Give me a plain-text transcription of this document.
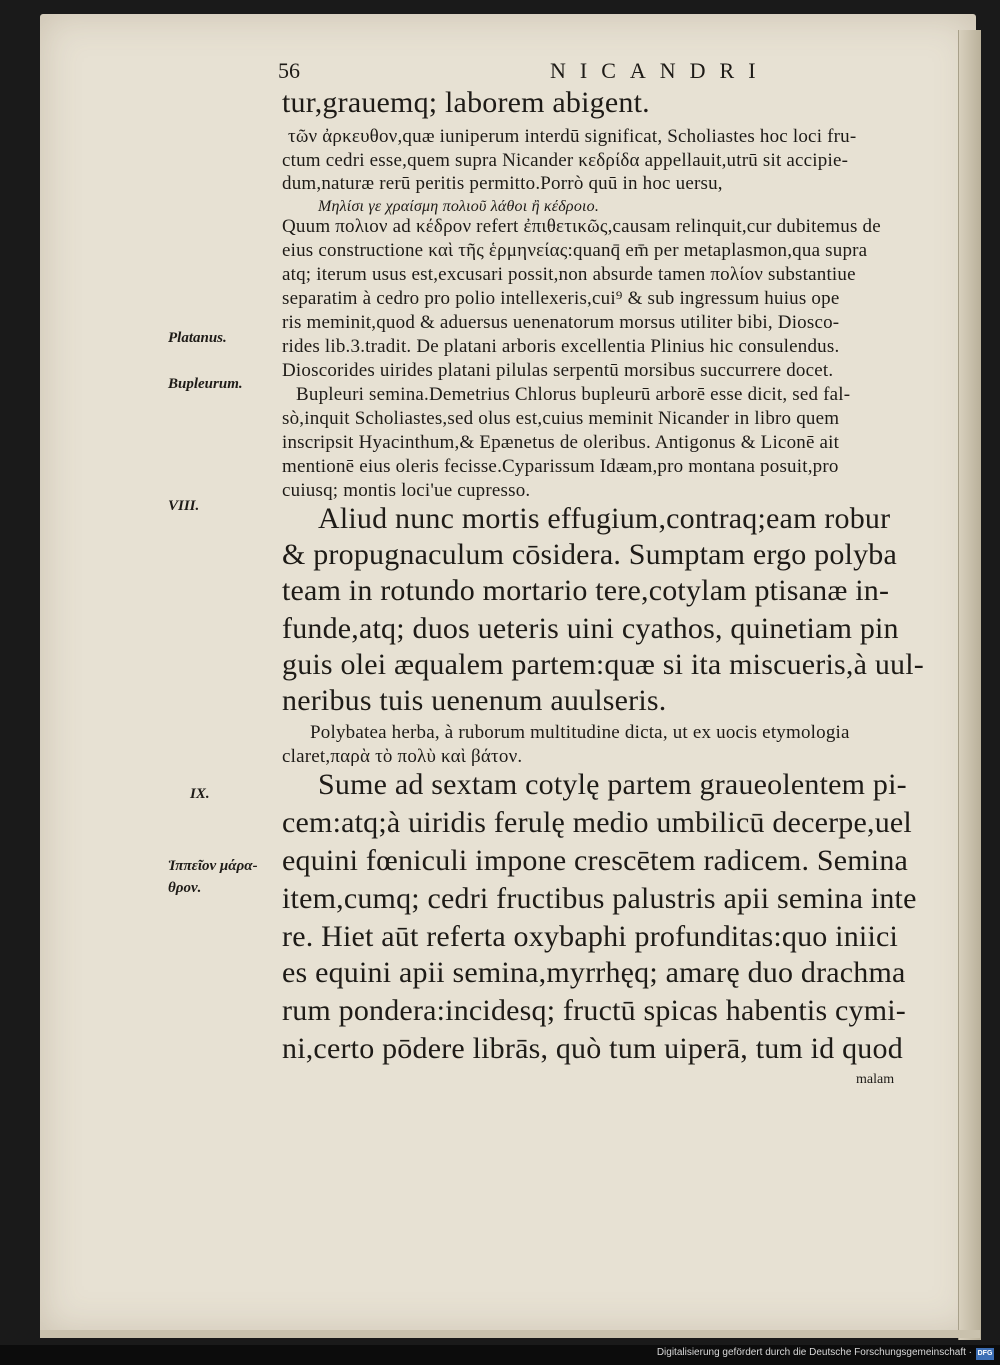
56	NICANDRI
Platanus.
Bupleurum.
VIII.
IX.
Ἱππεῖον μάρα-
θρον.
tur,grauemq; laborem abigent.
τῶν ἀρκευθον,quæ iuniperum interdū significat, Scholiastes hoc loci fru-
ctum cedri esse,quem supra Nicander κεδρίδα appellauit,utrū sit accipie-
dum,naturæ rerū peritis permitto.Porrò quū in hoc uersu,
Μηλίσι γε χραίσμη πολιοῦ λάθοι ἢ κέδροιο.
Quum πολιον ad κέδρον refert ἐπιθετικῶς,causam relinquit,cur dubitemus de
eius constructione καὶ τῆς ἑρμηνείας:quanq̄ em̄ per metaplasmon,qua supra
atq; iterum usus est,excusari possit,non absurde tamen πολίον substantiue
separatim à cedro pro polio intellexeris,cui⁹ & sub ingressum huius ope
ris meminit,quod & aduersus uenenatorum morsus utiliter bibi, Diosco-
rides lib.3.tradit. De platani arboris excellentia Plinius hic consulendus.
Dioscorides uirides platani pilulas serpentū morsibus succurrere docet.
Bupleuri semina.Demetrius Chlorus bupleurū arborē esse dicit, sed fal-
sò,inquit Scholiastes,sed olus est,cuius meminit Nicander in libro quem
inscripsit Hyacinthum,& Epænetus de oleribus. Antigonus & Liconē ait
mentionē eius oleris fecisse.Cyparissum Idæam,pro montana posuit,pro
cuiusq; montis loci'ue cupresso.
Aliud nunc mortis effugium,contraq;eam robur
& propugnaculum cōsidera. Sumptam ergo polyba
team in rotundo mortario tere,cotylam ptisanæ in-
funde,atq; duos ueteris uini cyathos, quinetiam pin
guis olei æqualem partem:quæ si ita miscueris,à uul-
neribus tuis uenenum auulseris.
Polybatea herba, à ruborum multitudine dicta, ut ex uocis etymologia
claret,παρὰ τὸ πολὺ καὶ βάτον.
Sume ad sextam cotylę partem graueolentem pi-
cem:atq;à uiridis ferulę medio umbilicū decerpe,uel
equini fœniculi impone crescētem radicem. Semina
item,cumq; cedri fructibus palustris apii semina inte
re. Hiet aūt referta oxybaphi profunditas:quo iniici
es equini apii semina,myrrhęq; amarę duo drachma
rum pondera:incidesq; fructū spicas habentis cymi-
ni,certo pōdere librās, quò tum uiperā, tum id quod
malam
Digitalisierung gefördert durch die Deutsche Forschungsgemeinschaft · DFG
